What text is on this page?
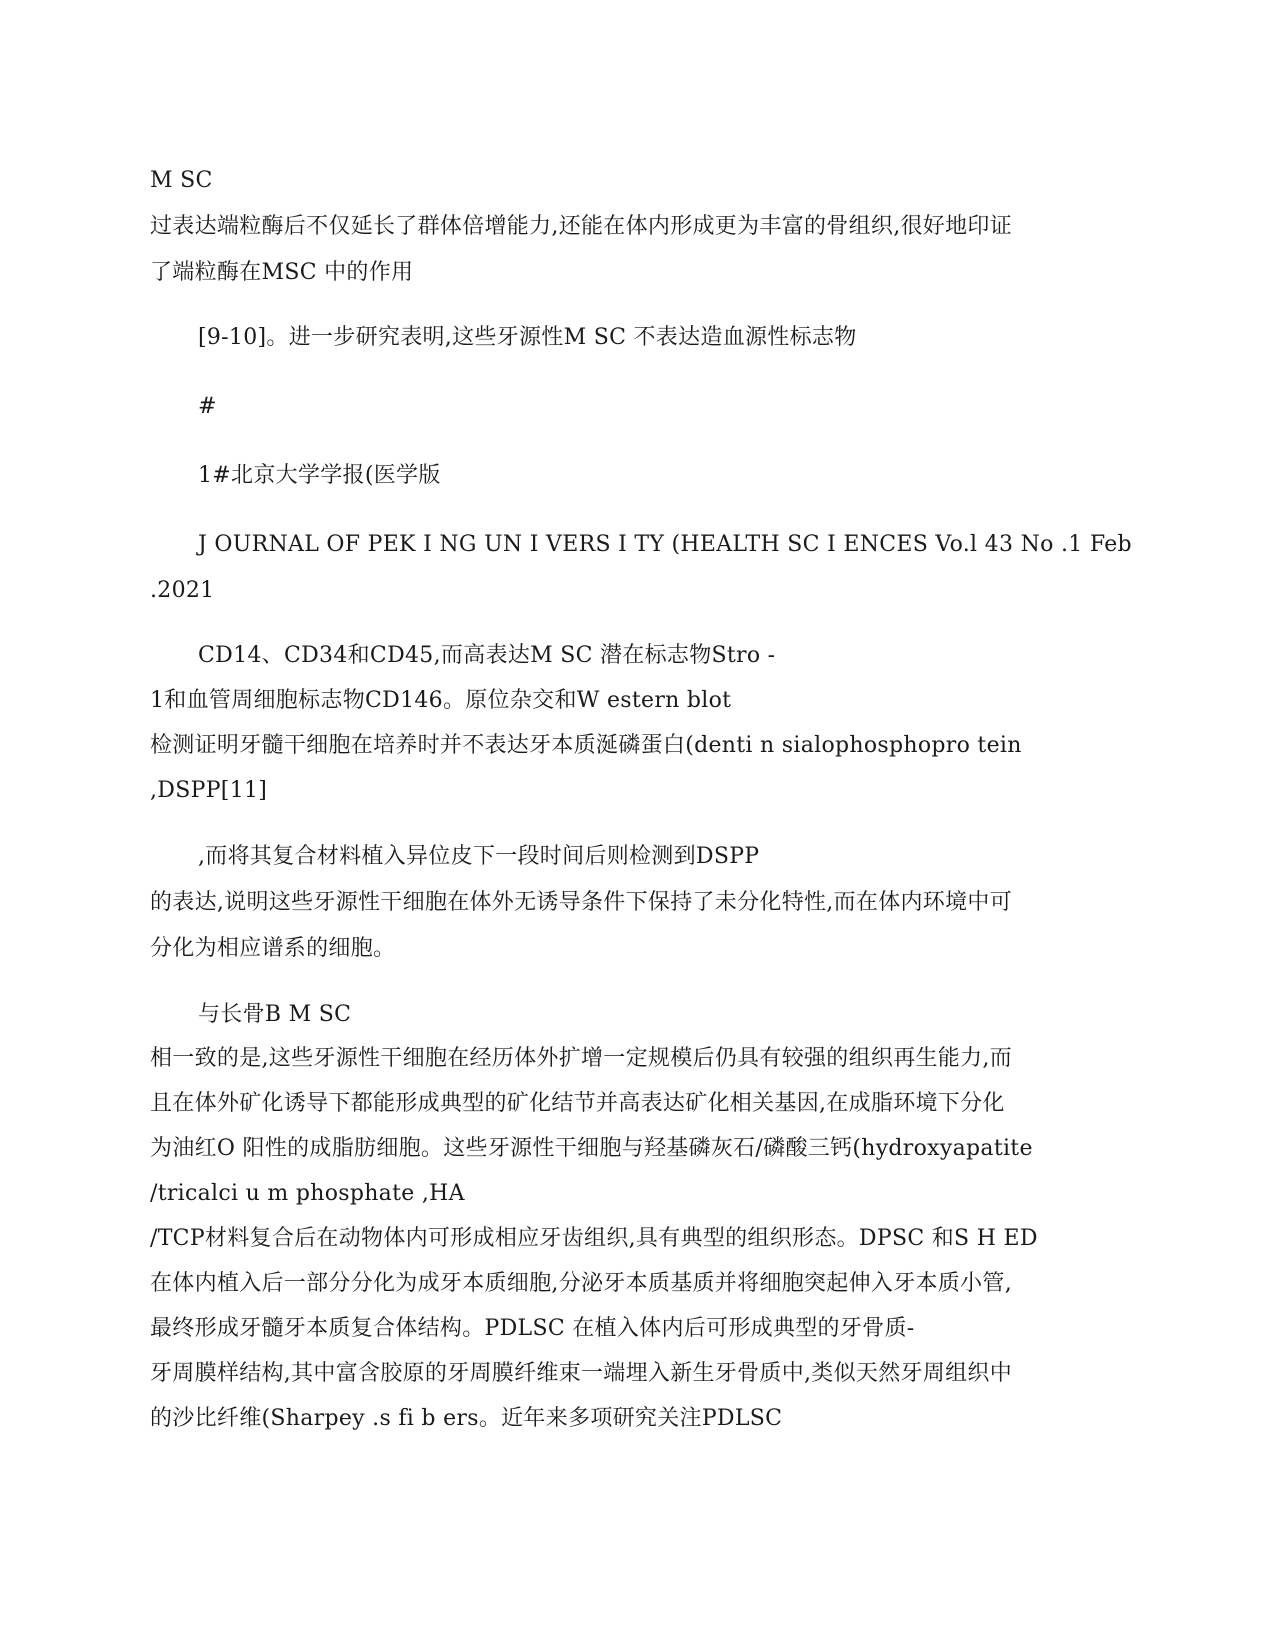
M SC
过表达端粒酶后不仅延长了群体倍增能力,还能在体内形成更为丰富的骨组织,很好地印证
了端粒酶在MSC 中的作用
[9-10]。进一步研究表明,这些牙源性M SC 不表达造血源性标志物
#
1#北京大学学报(医学版
J OURNAL OF PEK I NG UN I VERS I TY (HEALTH SC I ENCES Vo.l 43 No .1 Feb
.2021
CD14、CD34和CD45,而高表达M SC 潜在标志物Stro -
1和血管周细胞标志物CD146。原位杂交和W estern blot
检测证明牙髓干细胞在培养时并不表达牙本质涎磷蛋白(denti n sialophosphopro tein
,DSPP[11]
,而将其复合材料植入异位皮下一段时间后则检测到DSPP
的表达,说明这些牙源性干细胞在体外无诱导条件下保持了未分化特性,而在体内环境中可
分化为相应谱系的细胞。
与长骨B M SC
相一致的是,这些牙源性干细胞在经历体外扩增一定规模后仍具有较强的组织再生能力,而
且在体外矿化诱导下都能形成典型的矿化结节并高表达矿化相关基因,在成脂环境下分化
为油红O 阳性的成脂肪细胞。这些牙源性干细胞与羟基磷灰石/磷酸三钙(hydroxyapatite
/tricalci u m phosphate ,HA
/TCP材料复合后在动物体内可形成相应牙齿组织,具有典型的组织形态。DPSC 和S H ED
在体内植入后一部分分化为成牙本质细胞,分泌牙本质基质并将细胞突起伸入牙本质小管,
最终形成牙髓牙本质复合体结构。PDLSC 在植入体内后可形成典型的牙骨质-
牙周膜样结构,其中富含胶原的牙周膜纤维束一端埋入新生牙骨质中,类似天然牙周组织中
的沙比纤维(Sharpey .s fi b ers。近年来多项研究关注PDLSC
